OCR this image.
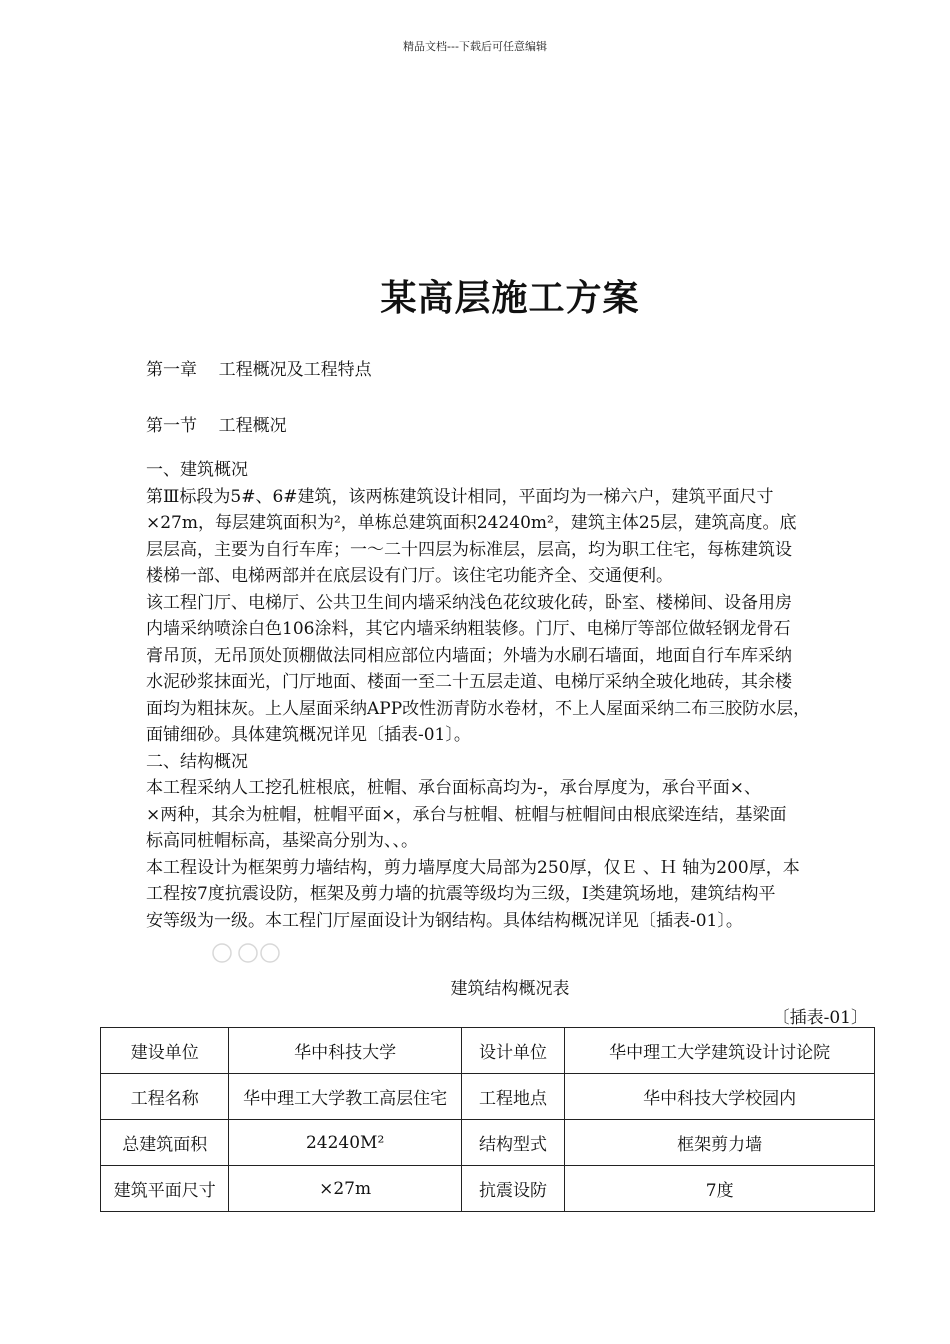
精品文档---下载后可任意编辑
某高层施工方案
第一章    工程概况及工程特点
第一节    工程概况
一、建筑概况
第Ⅲ标段为5#、6#建筑，该两栋建筑设计相同，平面均为一梯六户，建筑平面尺寸
×27m，每层建筑面积为²，单栋总建筑面积24240m²，建筑主体25层，建筑高度。底
层层高，主要为自行车库；一～二十四层为标准层，层高，均为职工住宅，每栋建筑设
楼梯一部、电梯两部并在底层设有门厅。该住宅功能齐全、交通便利。
该工程门厅、电梯厅、公共卫生间内墙采纳浅色花纹玻化砖，卧室、楼梯间、设备用房
内墙采纳喷涂白色106涂料，其它内墙采纳粗装修。门厅、电梯厅等部位做轻钢龙骨石
膏吊顶，无吊顶处顶棚做法同相应部位内墙面；外墙为水刷石墙面，地面自行车库采纳
水泥砂浆抹面光，门厅地面、楼面一至二十五层走道、电梯厅采纳全玻化地砖，其余楼
面均为粗抹灰。上人屋面采纳APP改性沥青防水卷材，不上人屋面采纳二布三胶防水层，
面铺细砂。具体建筑概况详见〔插表-01〕。
二、结构概况
本工程采纳人工挖孔桩根底，桩帽、承台面标高均为-，承台厚度为，承台平面×、
×两种，其余为桩帽，桩帽平面×，承台与桩帽、桩帽与桩帽间由根底梁连结，基梁面
标高同桩帽标高，基梁高分别为、、。
本工程设计为框架剪力墙结构，剪力墙厚度大局部为250厚，仅Ｅ 、Ｈ 轴为200厚，本
工程按7度抗震设防，框架及剪力墙的抗震等级均为三级，Ⅰ类建筑场地，建筑结构平
安等级为一级。本工程门厅屋面设计为钢结构。具体结构概况详见〔插表-01〕。
建筑结构概况表
〔插表-01〕
建设单位	华中科技大学	设计单位	华中理工大学建筑设计讨论院
工程名称	华中理工大学教工高层住宅	工程地点	华中科技大学校园内
总建筑面积	24240M²	结构型式	框架剪力墙
建筑平面尺寸	×27m	抗震设防	7度
